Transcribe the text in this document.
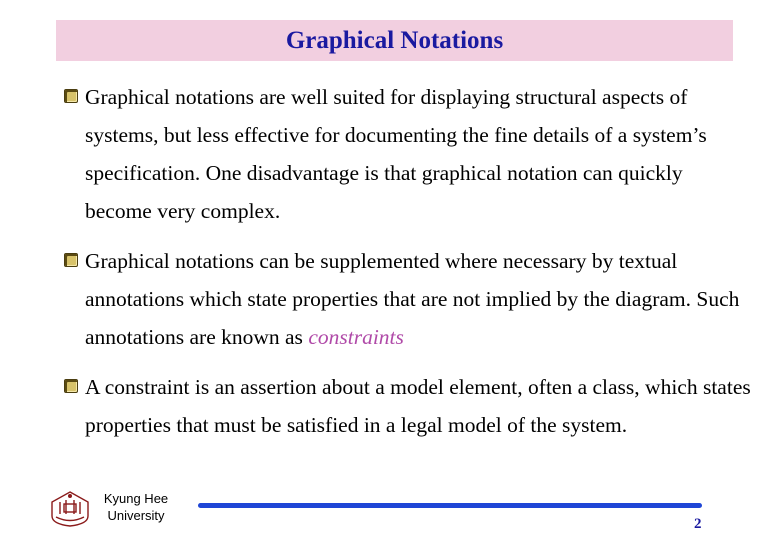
Graphical Notations
Graphical notations are well suited for displaying structural aspects of systems, but less effective for documenting the fine details of a system’s specification. One disadvantage is that graphical notation can quickly become very complex.
Graphical notations can be supplemented where necessary by textual annotations which state properties that are not implied by the diagram. Such annotations are known as constraints
A constraint is an assertion about a model element, often a class, which states properties that must be satisfied in a legal model of the system.
Kyung Hee
University
2
